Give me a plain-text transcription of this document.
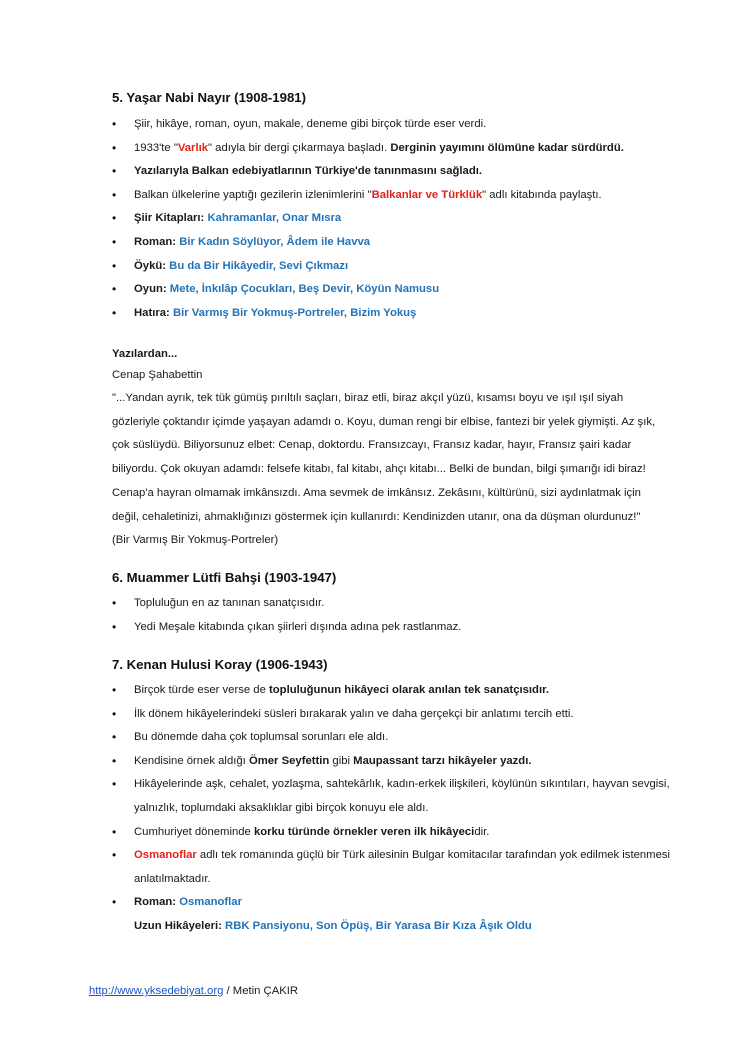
5. Yaşar Nabi Nayır (1908-1981)
• Şiir, hikâye, roman, oyun, makale, deneme gibi birçok türde eser verdi.
• 1933'te "Varlık" adıyla bir dergi çıkarmaya başladı. Derginin yayımını ölümüne kadar sürdürdü.
• Yazılarıyla Balkan edebiyatlarının Türkiye'de tanınmasını sağladı.
• Balkan ülkelerine yaptığı gezilerin izlenimlerini "Balkanlar ve Türklük" adlı kitabında paylaştı.
• Şiir Kitapları: Kahramanlar, Onar Mısra
• Roman: Bir Kadın Söylüyor, Âdem ile Havva
• Öykü: Bu da Bir Hikâyedir, Sevi Çıkmazı
• Oyun: Mete, İnkılâp Çocukları, Beş Devir, Köyün Namusu
• Hatıra: Bir Varmış Bir Yokmuş-Portreler, Bizim Yokuş

Yazılardan...

Cenap Şahabettin

"...Yandan ayrık, tek tük gümüş pırıltılı saçları, biraz etli, biraz akçıl yüzü, kısamsı boyu ve ışıl ışıl siyah gözleriyle çoktandır içimde yaşayan adamdı o. Koyu, duman rengi bir elbise, fantezi bir yelek giymişti. Az şık, çok süslüydü. Biliyorsunuz elbet: Cenap, doktordu. Fransızcayı, Fransız kadar, hayır, Fransız şairi kadar biliyordu. Çok okuyan adamdı: felsefe kitabı, fal kitabı, ahçı kitabı... Belki de bundan, bilgi şımarığı idi biraz! Cenap'a hayran olmamak imkânsızdı. Ama sevmek de imkânsız. Zekâsını, kültürünü, sizi aydınlatmak için değil, cehaletinizi, ahmaklığınızı göstermek için kullanırdı: Kendinizden utanır, ona da düşman olurdunuz!"

(Bir Varmış Bir Yokmuş-Portreler)

6. Muammer Lütfi Bahşi (1903-1947)
• Topluluğun en az tanınan sanatçısıdır.
• Yedi Meşale kitabında çıkan şiirleri dışında adına pek rastlanmaz.
7. Kenan Hulusi Koray (1906-1943)
• Birçok türde eser verse de topluluğunun hikâyeci olarak anılan tek sanatçısıdır.
• İlk dönem hikâyelerindeki süsleri bırakarak yalın ve daha gerçekçi bir anlatımı tercih etti.
• Bu dönemde daha çok toplumsal sorunları ele aldı.
• Kendisine örnek aldığı Ömer Seyfettin gibi Maupassant tarzı hikâyeler yazdı.
• Hikâyelerinde aşk, cehalet, yozlaşma, sahtekârlık, kadın-erkek ilişkileri, köylünün sıkıntıları, hayvan sevgisi, yalnızlık, toplumdaki aksaklıklar gibi birçok konuyu ele aldı.
• Cumhuriyet döneminde korku türünde örnekler veren ilk hikâyecidir.
• Osmanoflar adlı tek romanında güçlü bir Türk ailesinin Bulgar komitacılar tarafından yok edilmek istenmesi anlatılmaktadır.
• Roman: Osmanoflar
Uzun Hikâyeleri: RBK Pansiyonu, Son Öpüş, Bir Yarasa Bir Kıza Âşık Oldu
http://www.yksedebiyat.org / Metin ÇAKIR
